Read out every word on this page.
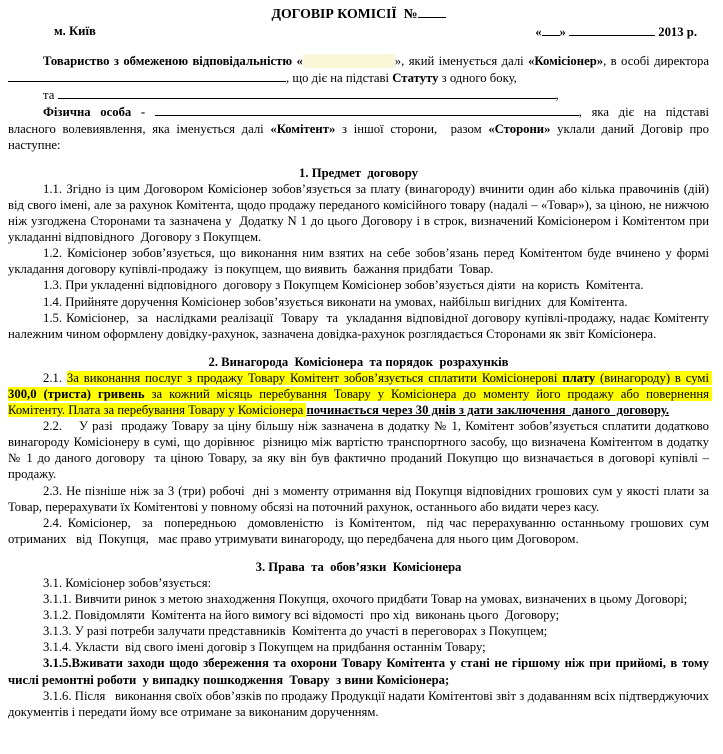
ДОГОВІР КОМІСІЇ  №
м. Київ	« »	2013 р.
Товариство з обмеженою відповідальністю «	», який іменується далі «Комісіонер», в особі директора , що діє на підставі Статуту з одного боку,
та	,
Фізична особа -	, яка діє на підставі власного волевиявлення, яка іменується далі «Комітент» з іншої сторони,  разом «Сторони» уклали даний Договір про наступне:
1. Предмет  договору
1.1. Згідно із цим Договором Комісіонер зобов’язується за плату (винагороду) вчинити один або кілька правочинів (дій) від свого імені, але за рахунок Комітента, щодо продажу переданого комісійного товару (надалі – «Товар»), за ціною, не нижчою ніж узгоджена Сторонами та зазначена у  Додатку N 1 до цього Договору і в строк, визначений Комісіонером і Комітентом при укладанні відповідного  Договору з Покупцем.
1.2. Комісіонер зобов’язується, що виконання ним взятих на себе зобов’язань перед Комітентом буде вчинено у формі укладання договору купівлі-продажу  із покупцем, що виявить  бажання придбати  Товар.
1.3. При укладенні відповідного  договору з Покупцем Комісіонер зобов’язується діяти  на користь  Комітента.
1.4. Прийняте доручення Комісіонер зобов’язується виконати на умовах, найбільш вигідних  для Комітента.
1.5. Комісіонер,  за  наслідками реалізації  Товару  та  укладання відповідної договору купівлі-продажу, надає Комітенту належним чином оформлену довідку-рахунок, зазначена довідка-рахунок розглядається Сторонами як звіт Комісіонера.
2. Винагорода  Комісіонера  та порядок  розрахунків
2.1. За виконання послуг з продажу Товару Комітент зобов’язується сплатити Комісіонерові плату (винагороду) в сумі 300,0 (триста) гривень за кожний місяць перебування Товару у Комісіонера до моменту його продажу або повернення Комітенту. Плата за перебування Товару у Комісіонера починається через 30 днів з дати заключення  даного  договору.
2.2.    У разі  продажу Товару за ціну більшу ніж зазначена в додатку № 1, Комітент зобов’язується сплатити додатково винагороду Комісіонеру в сумі, що дорівнює  різницю між вартістю транспортного засобу, що визначена Комітентом в додатку № 1 до даного договору  та ціною Товару, за яку він був фактично проданий Покупцю що визначається в договорі купівлі – продажу.
2.3. Не пізніше ніж за 3 (три) робочі  дні з моменту отримання від Покупця відповідних грошових сум у якості плати за Товар, перерахувати їх Комітентові у повному обсязі на поточний рахунок, останнього або видати через касу.
2.4. Комісіонер,  за  попередньою  домовленістю  із Комітентом,  під час перерахуванню останньому грошових сум   отриманих   від  Покупця,   має право утримувати винагороду, що передбачена для нього цим Договором.
3. Права  та  обов’язки  Комісіонера
3.1. Комісіонер зобов’язується:
3.1.1. Вивчити ринок з метою знаходження Покупця, охочого придбати Товар на умовах, визначених в цьому Договорі;
3.1.2. Повідомляти  Комітента на його вимогу всі відомості  про хід  виконань цього  Договору;
3.1.3. У разі потреби залучати представників  Комітента до участі в переговорах з Покупцем;
3.1.4. Укласти  від свого імені договір з Покупцем на придбання останнім Товару;
3.1.5.Вживати заходи щодо збереження та охорони Товару Комітента у стані не гіршому ніж при прийомі, в тому числі ремонтні роботи  у випадку пошкодження  Товару  з вини Комісіонера;
3.1.6. Після   виконання своїх обов’язків по продажу Продукції надати Комітентові звіт з додаванням всіх підтверджуючих  документів і передати йому все отримане за виконаним дорученням.
